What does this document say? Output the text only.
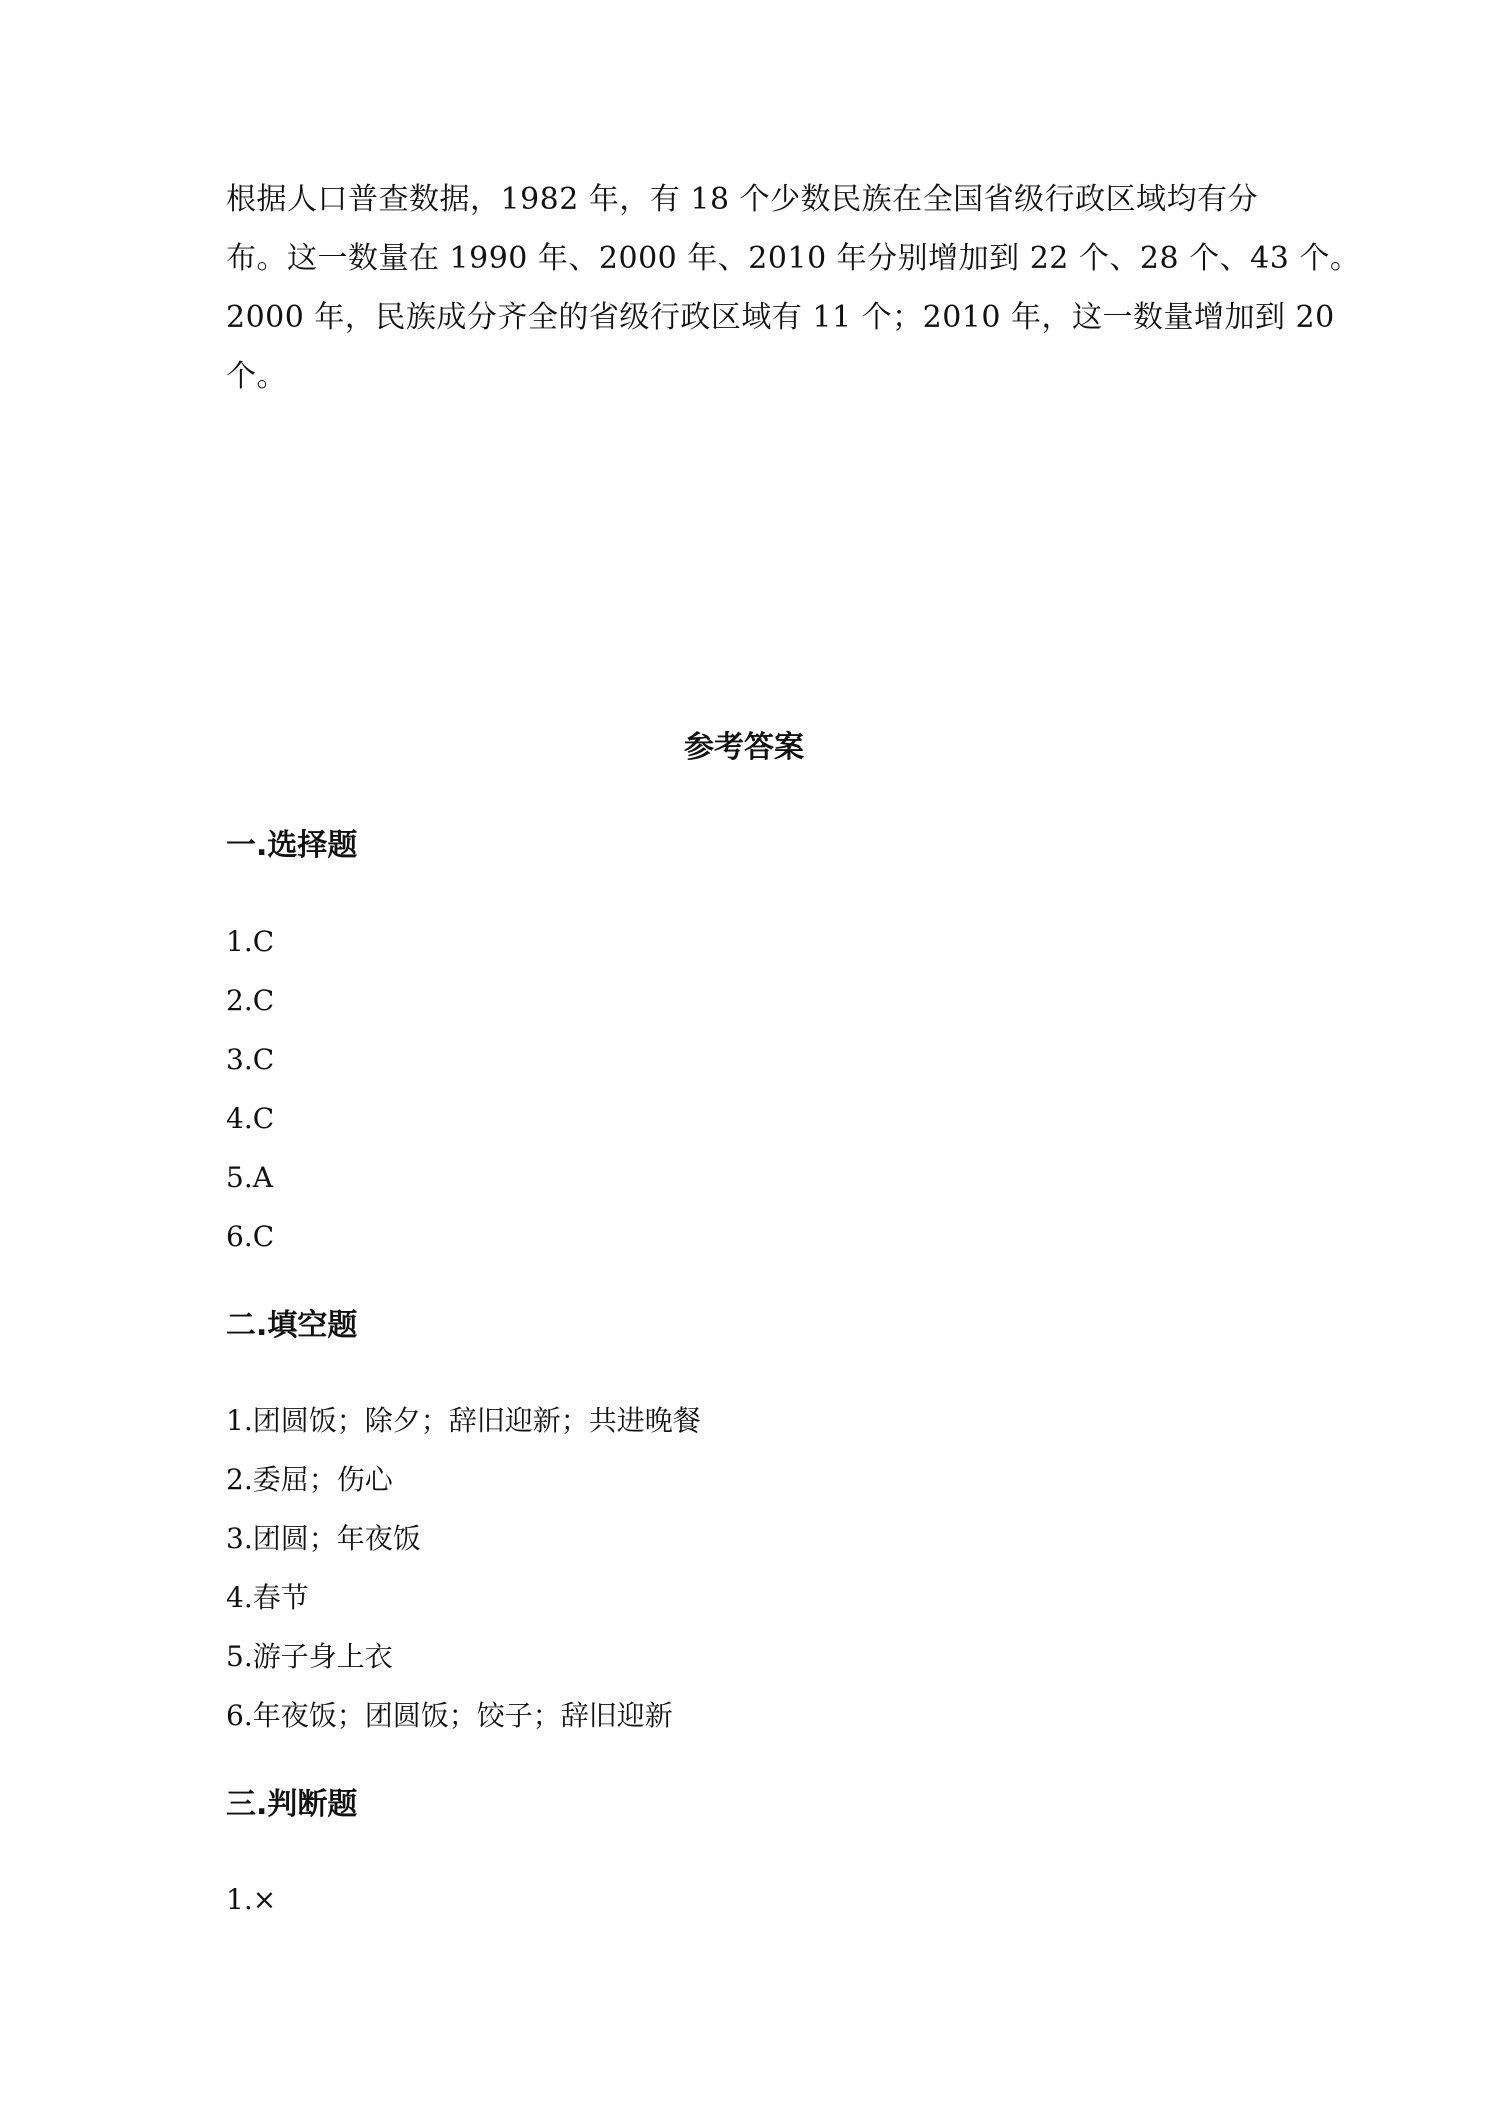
根据人口普查数据，1982 年，有 18 个少数民族在全国省级行政区域均有分
布。这一数量在 1990 年、2000 年、2010 年分别增加到 22 个、28 个、43 个。
2000 年，民族成分齐全的省级行政区域有 11 个；2010 年，这一数量增加到 20
个。
参考答案
一.选择题
1.C
2.C
3.C
4.C
5.A
6.C
二.填空题
1.团圆饭；除夕；辞旧迎新；共进晚餐
2.委屈；伤心
3.团圆；年夜饭
4.春节
5.游子身上衣
6.年夜饭；团圆饭；饺子；辞旧迎新
三.判断题
1.×
